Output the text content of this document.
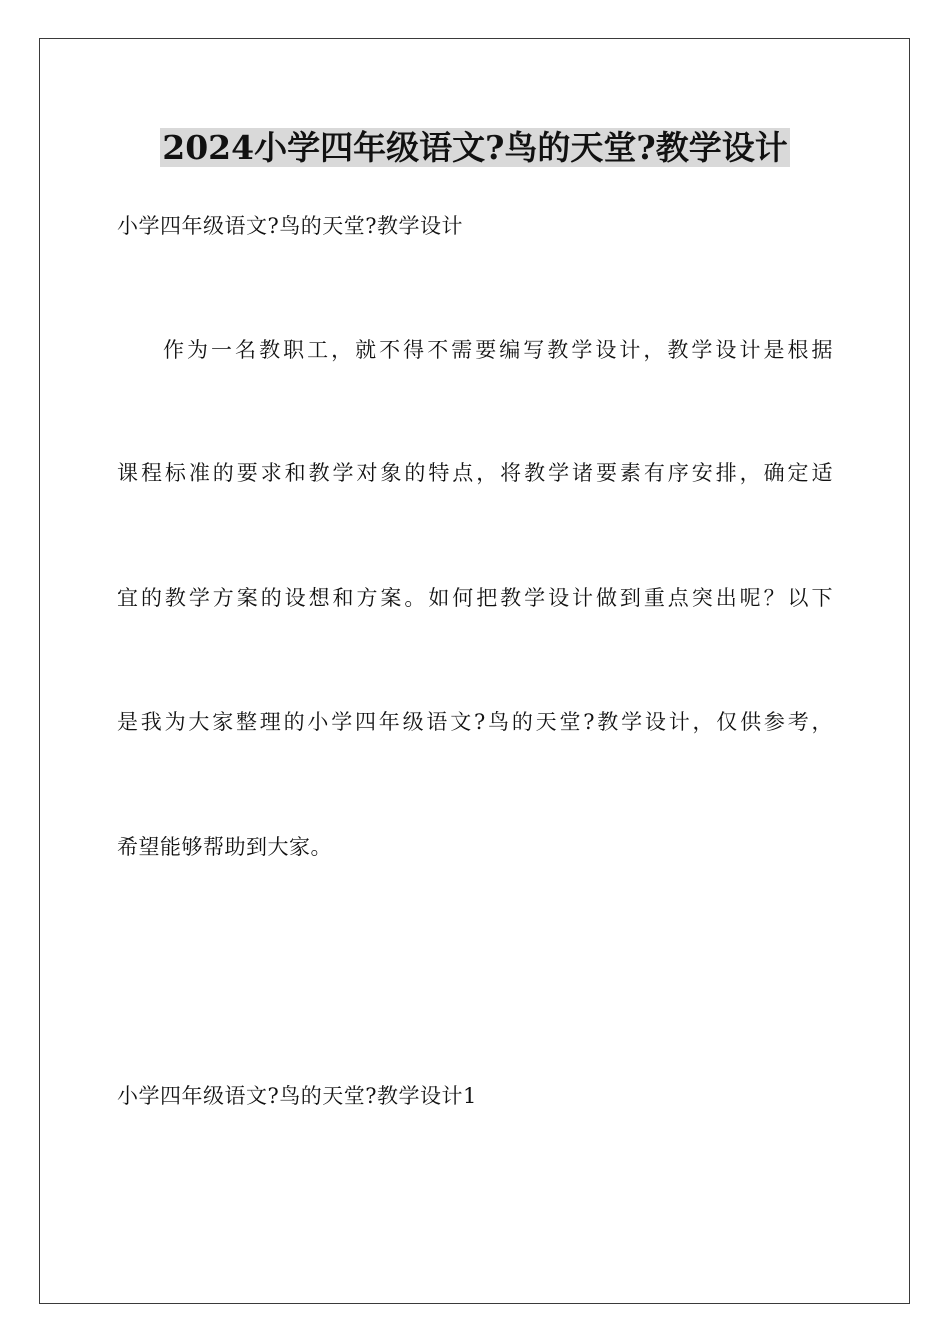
2024小学四年级语文?鸟的天堂?教学设计
小学四年级语文?鸟的天堂?教学设计
作为一名教职工，就不得不需要编写教学设计，教学设计是根据
课程标准的要求和教学对象的特点，将教学诸要素有序安排，确定适
宜的教学方案的设想和方案。如何把教学设计做到重点突出呢？以下
是我为大家整理的小学四年级语文?鸟的天堂?教学设计，仅供参考，
希望能够帮助到大家。
小学四年级语文?鸟的天堂?教学设计1
